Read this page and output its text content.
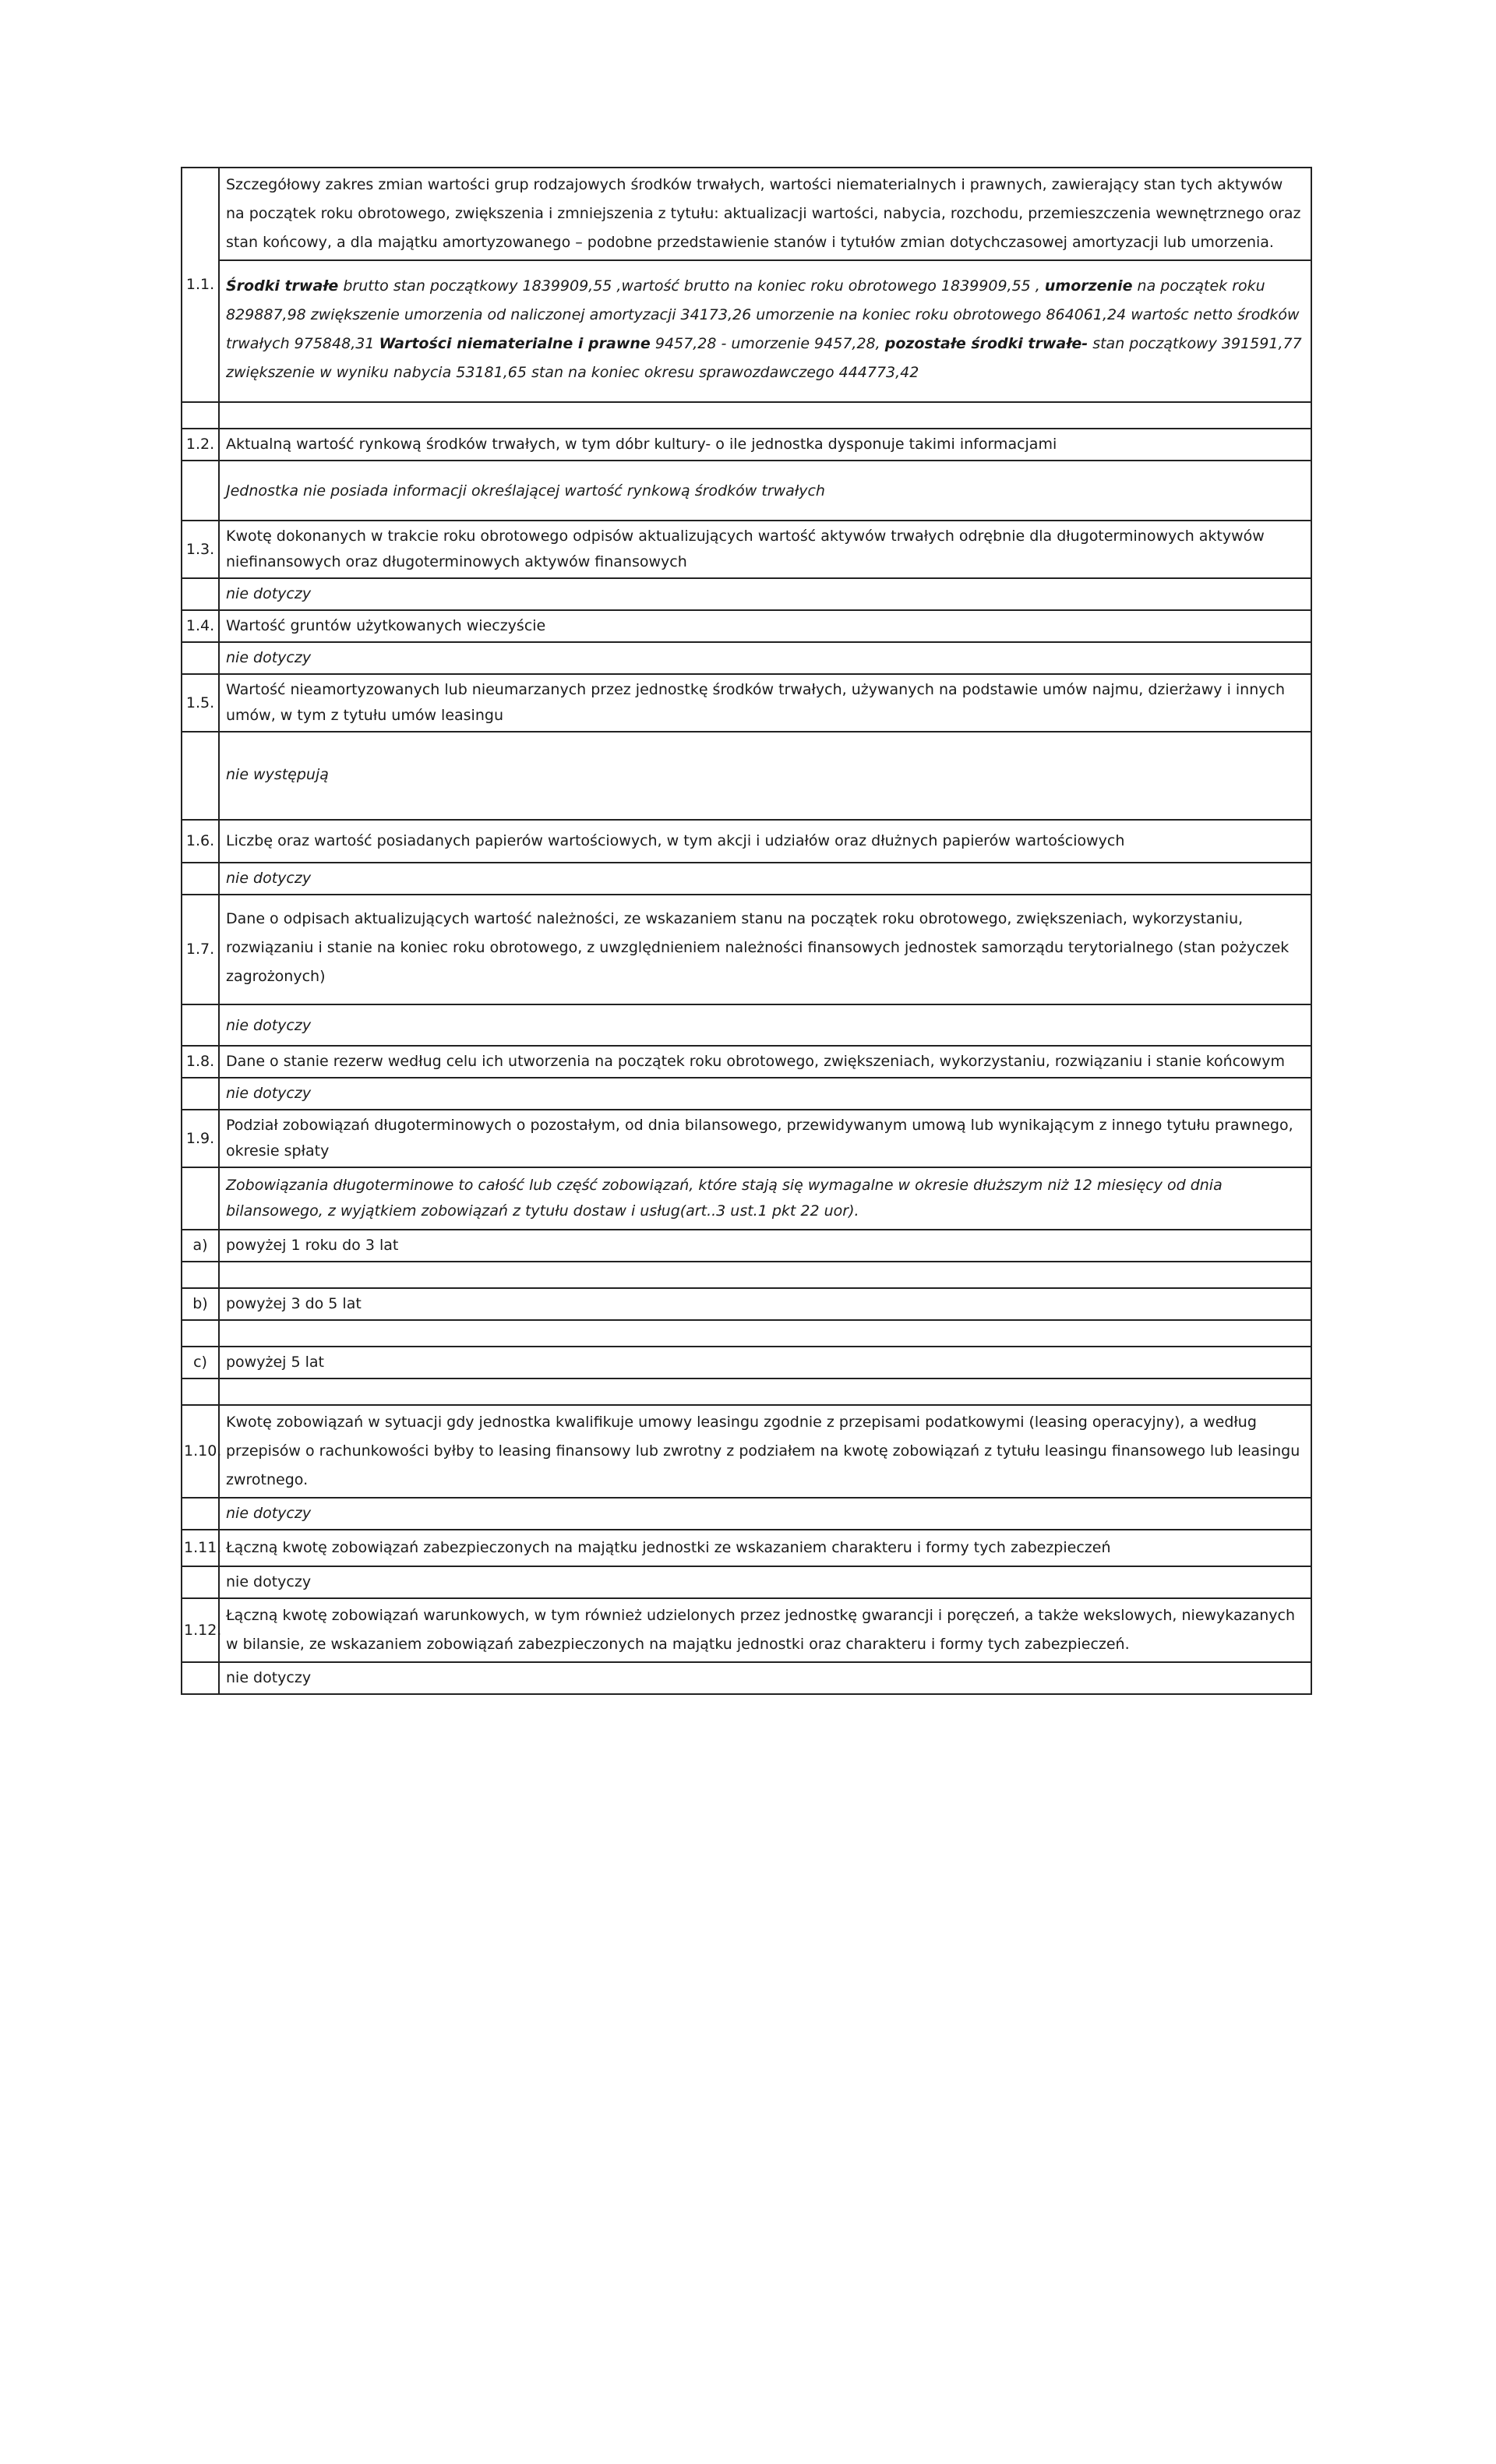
1.1.	Szczegółowy zakres zmian wartości grup rodzajowych środków trwałych, wartości niematerialnych i prawnych, zawierający stan tych aktywów na początek roku obrotowego, zwiększenia i zmniejszenia z tytułu: aktualizacji wartości, nabycia, rozchodu, przemieszczenia wewnętrznego oraz stan końcowy, a dla majątku amortyzowanego – podobne przedstawienie stanów i tytułów zmian dotychczasowej amortyzacji lub umorzenia.
	Środki trwałe brutto stan początkowy 1839909,55 ,wartość brutto na koniec roku obrotowego 1839909,55 , umorzenie na początek roku 829887,98 zwiększenie umorzenia od naliczonej amortyzacji 34173,26 umorzenie na koniec roku obrotowego 864061,24 wartośc netto środków trwałych 975848,31 Wartości niematerialne i prawne 9457,28 - umorzenie 9457,28, pozostałe środki trwałe- stan początkowy 391591,77 zwiększenie w wyniku nabycia 53181,65 stan na koniec okresu sprawozdawczego 444773,42

1.2.	Aktualną wartość rynkową środków trwałych, w tym dóbr kultury- o ile jednostka dysponuje takimi informacjami
	Jednostka nie posiada informacji określającej wartość rynkową środków trwałych
1.3.	Kwotę dokonanych w trakcie roku obrotowego odpisów aktualizujących wartość aktywów trwałych odrębnie dla długoterminowych aktywów niefinansowych oraz długoterminowych aktywów finansowych
	nie dotyczy
1.4.	Wartość gruntów użytkowanych wieczyście
	nie dotyczy
1.5.	Wartość nieamortyzowanych lub nieumarzanych przez jednostkę środków trwałych, używanych na podstawie umów najmu, dzierżawy i innych umów, w tym z tytułu umów leasingu
	nie występują
1.6.	Liczbę oraz wartość posiadanych papierów wartościowych, w tym akcji i udziałów oraz dłużnych papierów wartościowych
	nie dotyczy
1.7.	Dane o odpisach aktualizujących wartość należności, ze wskazaniem stanu na początek roku obrotowego, zwiększeniach, wykorzystaniu, rozwiązaniu i stanie na koniec roku obrotowego, z uwzględnieniem należności finansowych jednostek samorządu terytorialnego (stan pożyczek zagrożonych)
	nie dotyczy
1.8.	Dane o stanie rezerw według celu ich utworzenia na początek roku obrotowego, zwiększeniach, wykorzystaniu, rozwiązaniu i stanie końcowym
	nie dotyczy
1.9.	Podział zobowiązań długoterminowych o pozostałym, od dnia bilansowego, przewidywanym umową lub wynikającym z innego tytułu prawnego, okresie spłaty
	Zobowiązania długoterminowe to całość lub część zobowiązań, które stają się wymagalne w okresie dłuższym niż 12 miesięcy od dnia bilansowego, z wyjątkiem zobowiązań z tytułu dostaw i usług(art..3 ust.1 pkt 22 uor).
a)	powyżej 1 roku do 3 lat

b)	powyżej 3 do 5 lat

c)	powyżej 5 lat

1.10.	Kwotę zobowiązań w sytuacji gdy jednostka kwalifikuje umowy leasingu zgodnie z przepisami podatkowymi (leasing operacyjny), a według przepisów o rachunkowości byłby to leasing finansowy lub zwrotny z podziałem na kwotę zobowiązań z tytułu leasingu finansowego lub leasingu zwrotnego.
	nie dotyczy
1.11.	Łączną kwotę zobowiązań zabezpieczonych na majątku jednostki ze wskazaniem charakteru i formy tych zabezpieczeń
	nie dotyczy
1.12.	Łączną kwotę zobowiązań warunkowych, w tym również udzielonych przez jednostkę gwarancji i poręczeń, a także wekslowych, niewykazanych w bilansie, ze wskazaniem zobowiązań zabezpieczonych na majątku jednostki oraz charakteru i formy tych zabezpieczeń.
	nie dotyczy
